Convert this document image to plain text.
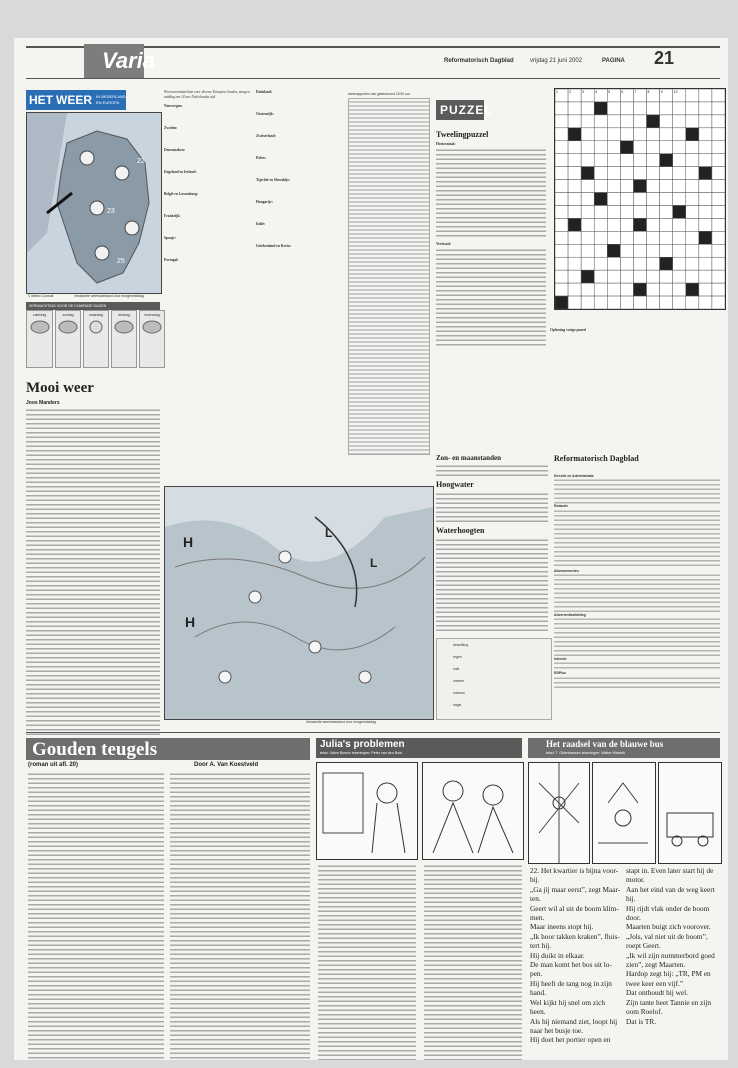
Varia	Reformatorisch Dagblad	vrijdag 21 juni 2002	PAGINA 21
HET WEER IN NEDERLAND
EN EUROPA
22
23
25
© Meteo Consult	Verwachte weerstoestand voor morgenmiddag
VERWACHTING VOOR DE KOMENDE DAGEN
zaterdag	zondag	maandag	dinsdag	woensdag
Mooi weer
Joos Manders
Weersvooruitzichten voor diverse Europese landen, morgen
middag om 14 uur Nederlandse tijd.
Noorwegen:
Zweden:
Denemarken:
Engeland en Ierland:
België en Luxemburg:
Frankrijk:
Spanje:
Portugal:
Duitsland:
Oostenrijk:
Zwitserland:
Polen:
Tsjechië en Slowakije:
Hongarije:
Italië:
Griekenland en Kreta:
weerrapporten van gisteravond 18.00 uur
H
H
L
L
Verwachte weerstoestand voor morgenmiddag
bewolking
regen
mist
onweer
sneeuw
hagel
PUZZEL
Tweelingpuzzel
Horizontaal:
Verticaal:
Oplossing vorige puzzel
1	2	3	4	5	6	7	8	9	10
Zon- en maanstanden
Hoogwater
Waterhoogten
Reformatorisch Dagblad
Directie en Administratie
Redactie
Abonnementen
Advertentieafdeling
Internet
RDPlus
Gouden teugels
(roman uit afl. 20)	Door A. Van Koestveld
Julia's problemen
tekst: Jolien Bosnic tekeningen: Peter van den Bold
Het raadsel van de blauwe bus
tekst: T. Okkerhausen tekeningen: Walter Wissink
22. Het kwartier is bijna voor-
bij.
„Ga jij maar eerst”, zegt Maar-
ten.
Geert wil al uit de boom klim-
men.
Maar ineens stopt hij.
„Ik hoor takken kraken”, fluis-
tert hij.
Hij duikt in elkaar.
De man komt het bos uit lo-
pen.
Hij heeft de tang nog in zijn
hand.
Wel kijkt hij snel om zich
heen.
Als hij niemand ziet, loopt hij
naar het busje toe.
Hij doet het portier open en
stapt in. Even later start hij de
motor.
Aan het eind van de weg keert
hij.
Hij rijdt vlak onder de boom
door.
Maarten buigt zich voorover.
„Jols, val niet uit de boom”,
roept Geert.
„Ik wil zijn nummerbord goed
zien”, zegt Maarten.
Hardop zegt hij: „TR, PM en
twee keer een vijf.”
Dat onthoudt hij wel.
Zijn tante heet Tannie en zijn
oom Roelof.
Dat is TR.
